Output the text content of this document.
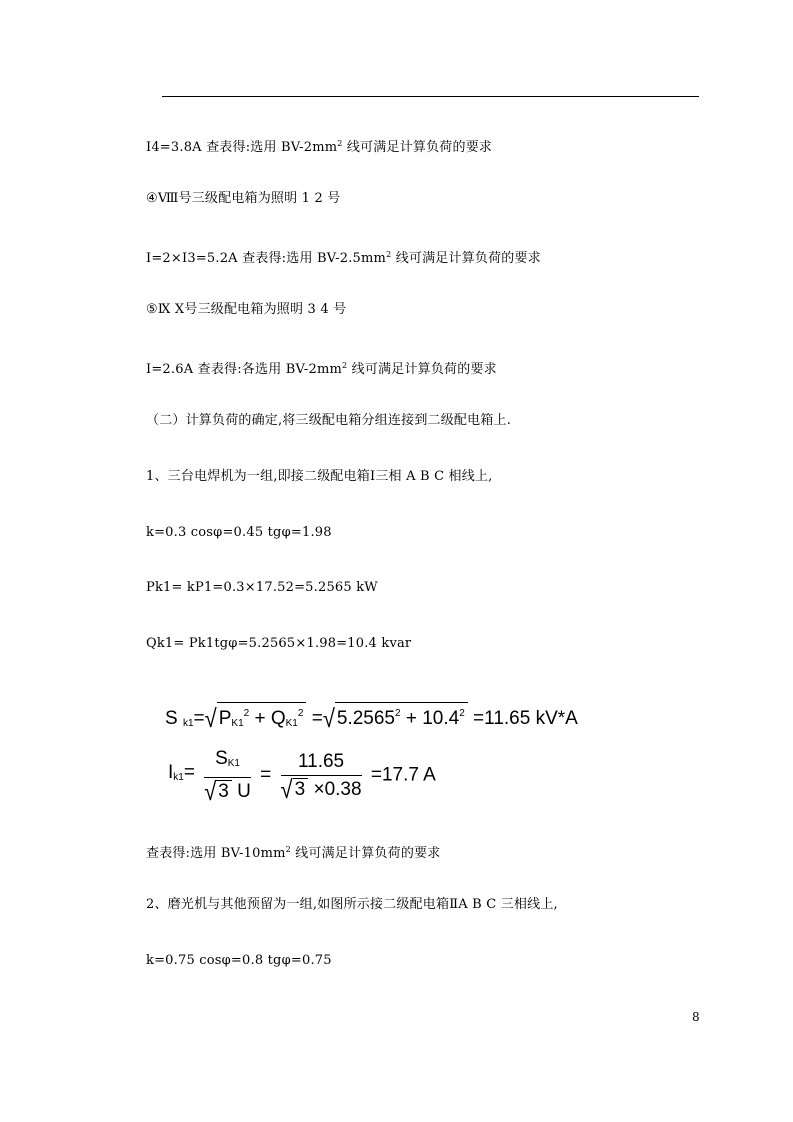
I4=3.8A 查表得:选用 $BV-2mm^2$ 线可满足计算负荷的要求
④Ⅷ号三级配电箱为照明 1 2 号
I=2×I3=5.2A 查表得:选用 $BV-2.5mm^2$ 线可满足计算负荷的要求
⑤Ⅸ Ⅹ号三级配电箱为照明 3 4 号
I=2.6A 查表得:各选用 $BV-2mm^2$ 线可满足计算负荷的要求
（二）计算负荷的确定,将三级配电箱分组连接到二级配电箱上.
1、三台电焊机为一组,即接二级配电箱Ⅰ三相 A B C 相线上,
k=0.3 cosφ=0.45 tgφ=1.98
Pk1= kP1=0.3×17.52=5.2565 kW
Qk1= Pk1tgφ=5.2565×1.98=10.4 kvar
S $_{k1}$=√ $P_{K1}^2 + Q_{K1}^2$ =√ $5.2565^2 + 10.4^2 =11.65$ kV*A
$I_{k1}= \frac{S_{K1}}{√ 3 U} = \frac{11.65}{√ 3 \times 0.38} =17.7$ A
查表得:选用 $BV-10mm^2$ 线可满足计算负荷的要求
2、磨光机与其他预留为一组,如图所示接二级配电箱ⅡA B C 三相线上,
k=0.75 cosφ=0.8 tgφ=0.75
8
